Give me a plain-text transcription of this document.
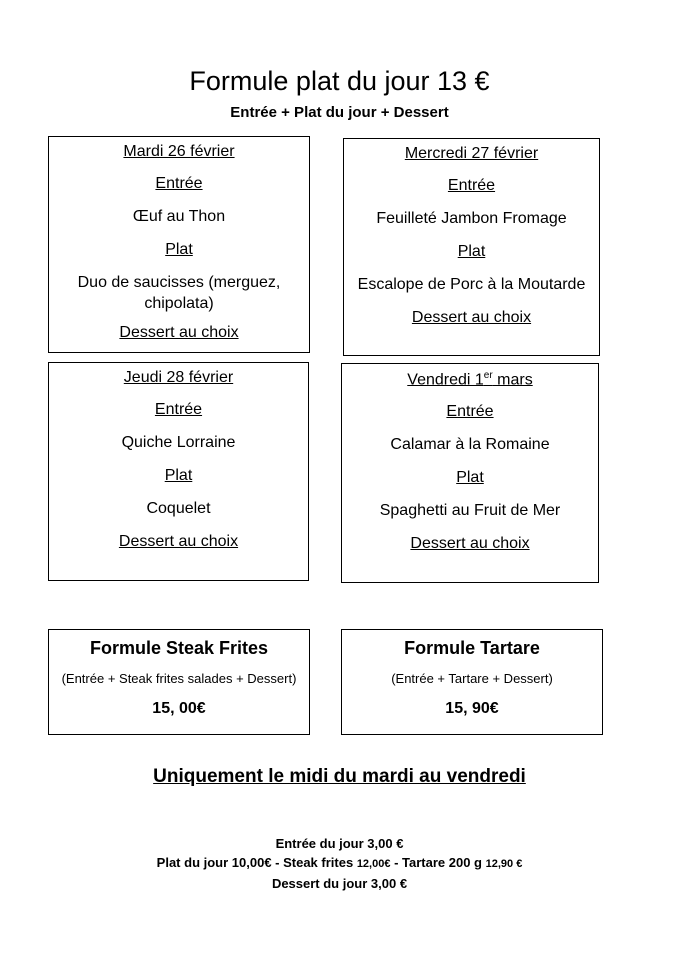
Formule plat du jour 13 €
Entrée + Plat du jour + Dessert
Mardi 26 février
Entrée
Œuf au Thon
Plat
Duo de saucisses (merguez, chipolata)
Dessert au choix
Mercredi 27 février
Entrée
Feuilleté Jambon Fromage
Plat
Escalope de Porc à la Moutarde
Dessert au choix
Jeudi 28 février
Entrée
Quiche Lorraine
Plat
Coquelet
Dessert au choix
Vendredi 1er mars
Entrée
Calamar à la Romaine
Plat
Spaghetti au Fruit de Mer
Dessert au choix
Formule Steak Frites
(Entrée + Steak frites salades + Dessert)
15, 00€
Formule Tartare
(Entrée + Tartare + Dessert)
15, 90€
Uniquement le midi du mardi au vendredi
Entrée du jour 3,00 €
Plat du jour 10,00€ - Steak frites 12,00€ - Tartare 200 g 12,90 €
Dessert du jour 3,00 €
